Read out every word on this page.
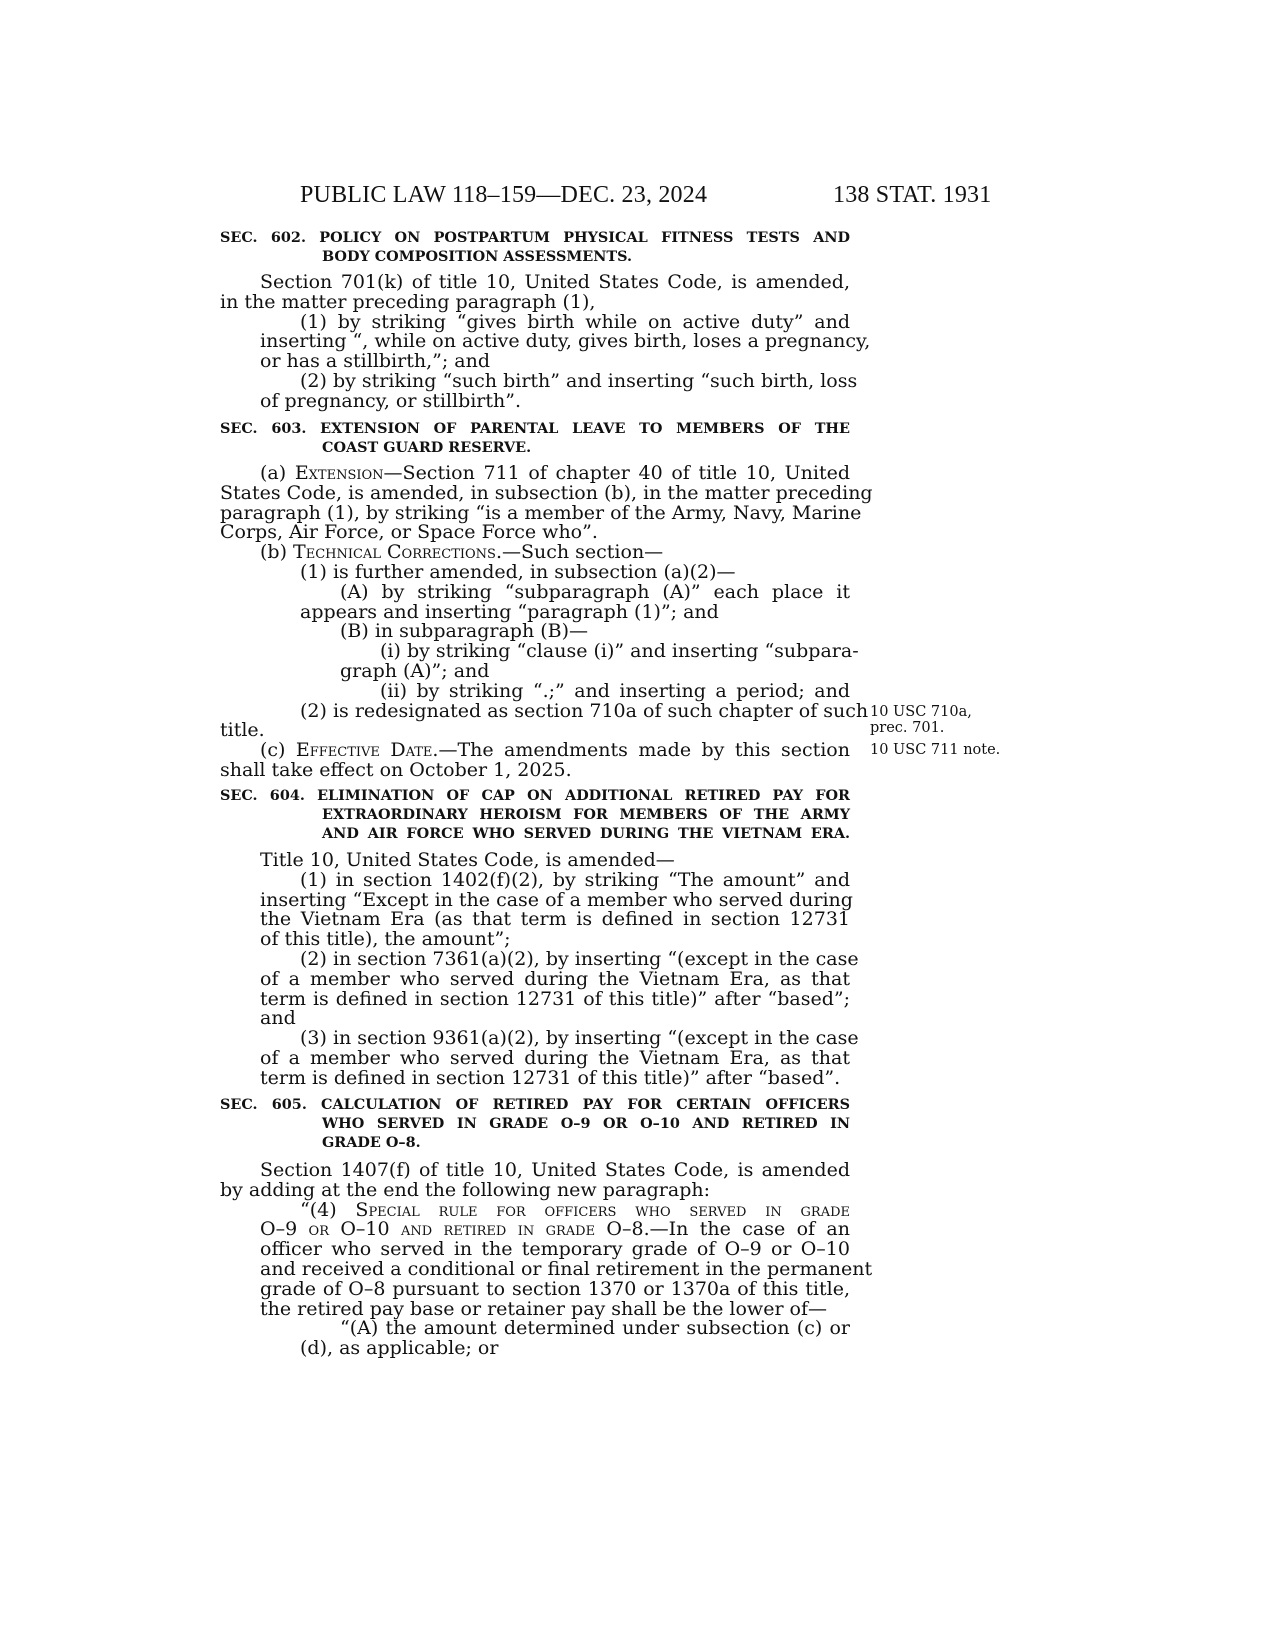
PUBLIC LAW 118–159—DEC. 23, 2024	138 STAT. 1931
SEC. 602. POLICY ON POSTPARTUM PHYSICAL FITNESS TESTS AND
BODY COMPOSITION ASSESSMENTS.

Section 701(k) of title 10, United States Code, is amended,

in the matter preceding paragraph (1),

(1) by striking “gives birth while on active duty” and

inserting “, while on active duty, gives birth, loses a pregnancy,

or has a stillbirth,”; and

(2) by striking “such birth” and inserting “such birth, loss

of pregnancy, or stillbirth”.

SEC. 603. EXTENSION OF PARENTAL LEAVE TO MEMBERS OF THE
COAST GUARD RESERVE.

(a) Extension—Section 711 of chapter 40 of title 10, United

States Code, is amended, in subsection (b), in the matter preceding

paragraph (1), by striking “is a member of the Army, Navy, Marine

Corps, Air Force, or Space Force who”.

(b) Technical Corrections.—Such section—

(1) is further amended, in subsection (a)(2)—

(A) by striking “subparagraph (A)” each place it

appears and inserting “paragraph (1)”; and

(B) in subparagraph (B)—

(i) by striking “clause (i)” and inserting “subpara-

graph (A)”; and

(ii) by striking “.;” and inserting a period; and

(2) is redesignated as section 710a of such chapter of such

title.

(c) Effective Date.—The amendments made by this section

shall take effect on October 1, 2025.

10 USC 710a,
prec. 701.
10 USC 711 note.
SEC. 604. ELIMINATION OF CAP ON ADDITIONAL RETIRED PAY FOR
EXTRAORDINARY HEROISM FOR MEMBERS OF THE ARMY
AND AIR FORCE WHO SERVED DURING THE VIETNAM ERA.

Title 10, United States Code, is amended—

(1) in section 1402(f)(2), by striking “The amount” and

inserting “Except in the case of a member who served during

the Vietnam Era (as that term is defined in section 12731

of this title), the amount”;

(2) in section 7361(a)(2), by inserting “(except in the case

of a member who served during the Vietnam Era, as that

term is defined in section 12731 of this title)” after “based”;

and

(3) in section 9361(a)(2), by inserting “(except in the case

of a member who served during the Vietnam Era, as that

term is defined in section 12731 of this title)” after “based”.

SEC. 605. CALCULATION OF RETIRED PAY FOR CERTAIN OFFICERS
WHO SERVED IN GRADE O–9 OR O–10 AND RETIRED IN
GRADE O–8.

Section 1407(f) of title 10, United States Code, is amended

by adding at the end the following new paragraph:

“(4) Special rule for officers who served in grade

O–9 or O–10 and retired in grade O–8.—In the case of an

officer who served in the temporary grade of O–9 or O–10

and received a conditional or final retirement in the permanent

grade of O–8 pursuant to section 1370 or 1370a of this title,

the retired pay base or retainer pay shall be the lower of—

“(A) the amount determined under subsection (c) or

(d), as applicable; or
